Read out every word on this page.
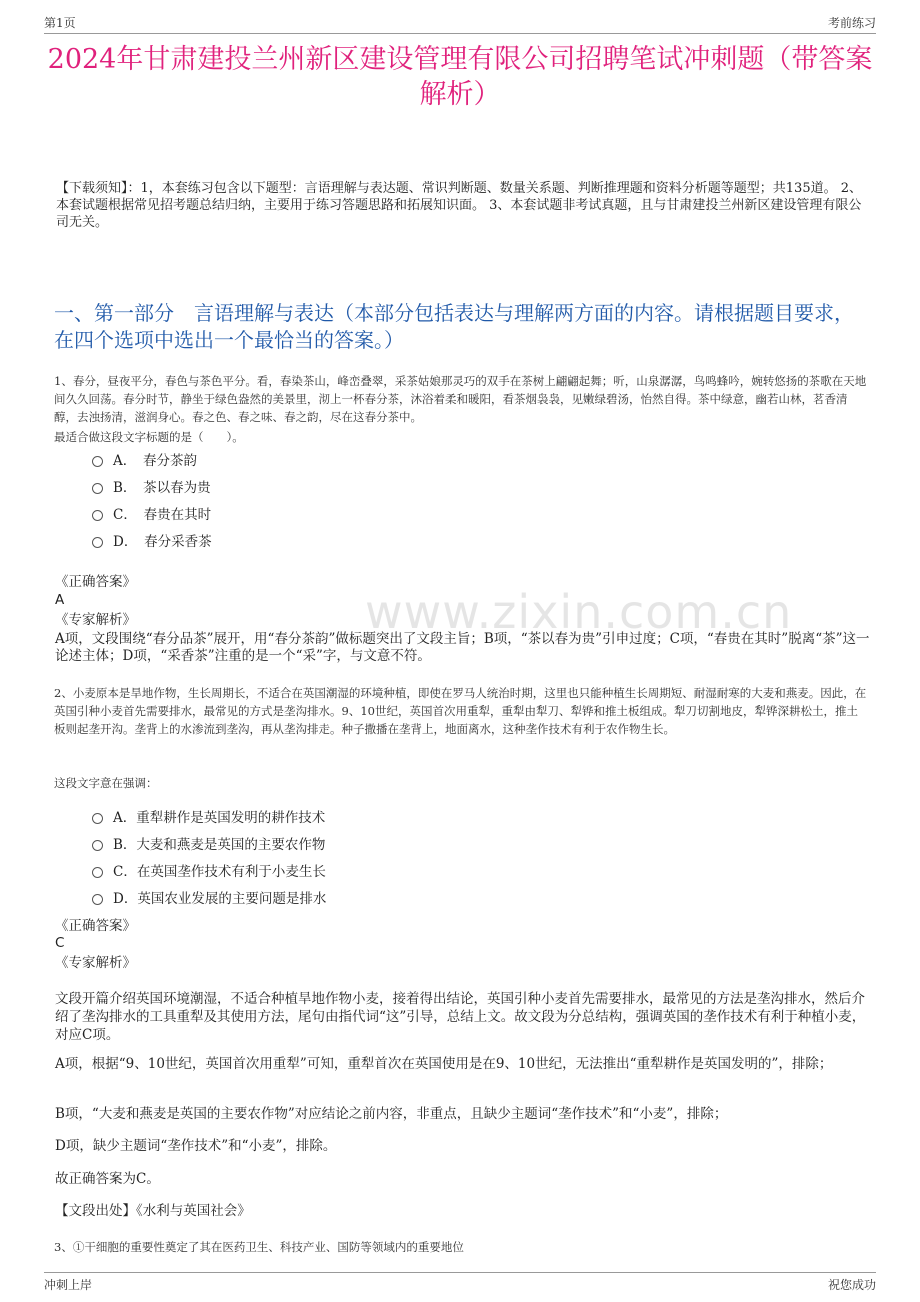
第1页	考前练习
www.zixin.com.cn
2024年甘肃建投兰州新区建设管理有限公司招聘笔试冲刺题（带答案解析）
【下载须知】：1，本套练习包含以下题型：言语理解与表达题、常识判断题、数量关系题、判断推理题和资料分析题等题型；共135道。 2、本套试题根据常见招考题总结归纳，主要用于练习答题思路和拓展知识面。 3、本套试题非考试真题，且与甘肃建投兰州新区建设管理有限公司无关。
一、第一部分　言语理解与表达（本部分包括表达与理解两方面的内容。请根据题目要求，在四个选项中选出一个最恰当的答案。）
1、春分，昼夜平分，春色与茶色平分。看，春染茶山，峰峦叠翠，采茶姑娘那灵巧的双手在茶树上翩翩起舞；听，山泉潺潺，鸟鸣蜂吟，婉转悠扬的茶歌在天地间久久回荡。春分时节，静坐于绿色盎然的美景里，沏上一杯春分茶，沐浴着柔和暖阳，看茶烟袅袅，见嫩绿碧汤，怡然自得。茶中绿意，幽若山林，茗香清醇，去浊扬清，滋润身心。春之色、春之味、春之韵，尽在这春分茶中。
最适合做这段文字标题的是（　　）。
A．　春分茶韵
B．　茶以春为贵
C．　春贵在其时
D．　春分采香茶
《正确答案》
A
《专家解析》
A项，文段围绕“春分品茶”展开，用“春分茶韵”做标题突出了文段主旨；B项，“茶以春为贵”引申过度；C项，“春贵在其时”脱离“茶”这一论述主体；D项，“采香茶”注重的是一个“采”字，与文意不符。
2、小麦原本是旱地作物，生长周期长，不适合在英国潮湿的环境种植，即使在罗马人统治时期，这里也只能种植生长周期短、耐湿耐寒的大麦和燕麦。因此，在英国引种小麦首先需要排水，最常见的方式是垄沟排水。9、10世纪，英国首次用重犁，重犁由犁刀、犁铧和推土板组成。犁刀切割地皮，犁铧深耕松土，推土板则起垄开沟。垄背上的水渗流到垄沟，再从垄沟排走。种子撒播在垄背上，地面离水，这种垄作技术有利于农作物生长。
这段文字意在强调：
A．重犁耕作是英国发明的耕作技术
B．大麦和燕麦是英国的主要农作物
C．在英国垄作技术有利于小麦生长
D．英国农业发展的主要问题是排水
《正确答案》
C
《专家解析》
文段开篇介绍英国环境潮湿，不适合种植旱地作物小麦，接着得出结论，英国引种小麦首先需要排水，最常见的方法是垄沟排水，然后介绍了垄沟排水的工具重犁及其使用方法，尾句由指代词“这”引导，总结上文。故文段为分总结构，强调英国的垄作技术有利于种植小麦，对应C项。
A项，根据“9、10世纪，英国首次用重犁”可知，重犁首次在英国使用是在9、10世纪，无法推出“重犁耕作是英国发明的”，排除；
B项，“大麦和燕麦是英国的主要农作物”对应结论之前内容，非重点，且缺少主题词“垄作技术”和“小麦”，排除；
D项，缺少主题词“垄作技术”和“小麦”，排除。
故正确答案为C。
【文段出处】《水利与英国社会》
3、①干细胞的重要性奠定了其在医药卫生、科技产业、国防等领域内的重要地位
冲刺上岸	祝您成功
